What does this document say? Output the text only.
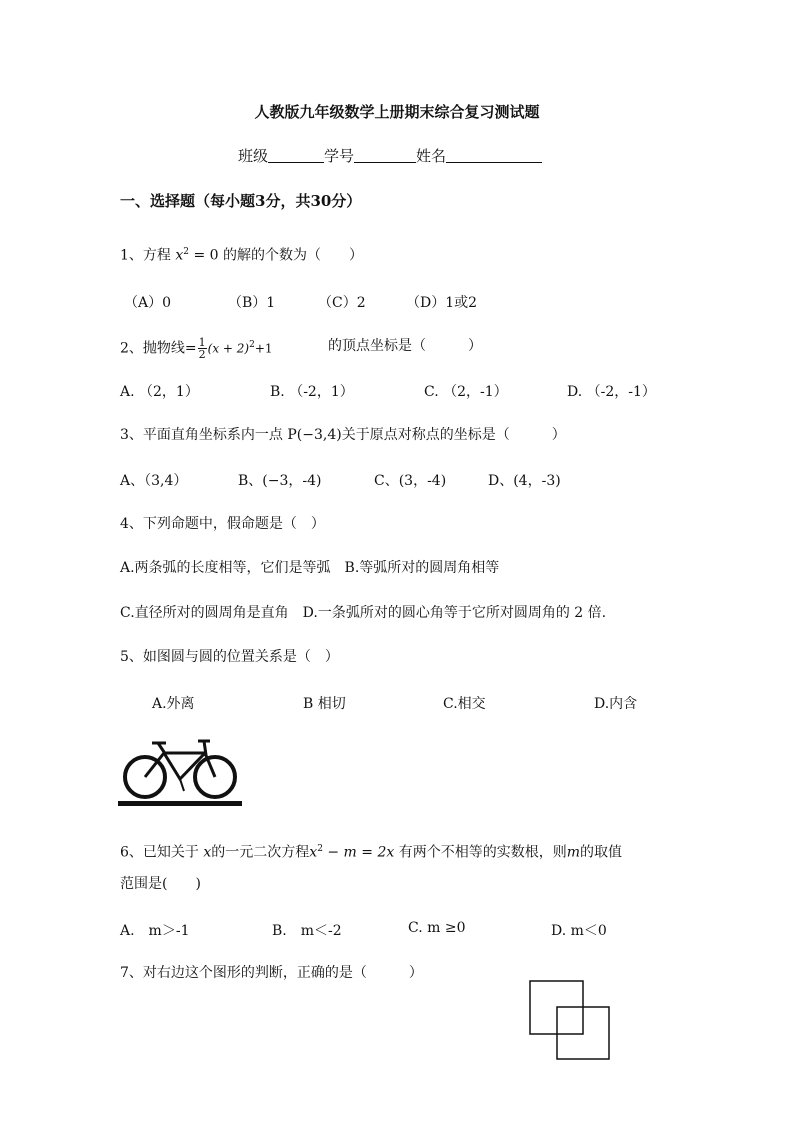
人教版九年级数学上册期末综合复习测试题
班级	学号	姓名
一、选择题（每小题3分，共30分）
1、方程 $x^2 = 0$ 的解的个数为（　　）
（A）0	（B）1	（C）2	（D）1或2
2、抛物线= $\frac{1}{2} (x + 2)^2+1$	的顶点坐标是（　　　）
A. （2，1）	B. （-2，1）	C. （2，-1）	D. （-2，-1）
3、平面直角坐标系内一点 P(−3,4)关于原点对称点的坐标是（　　　）
A、（3,4）	B、(−3，-4)	C、(3，-4)	D、(4，-3)
4、下列命题中，假命题是（　）
A.两条弧的长度相等，它们是等弧　B.等弧所对的圆周角相等
C.直径所对的圆周角是直角　D.一条弧所对的圆心角等于它所对圆周角的 2 倍.
5、如图圆与圆的位置关系是（　）
A.外离	B 相切	C.相交	D.内含
6、已知关于 x的一元二次方程$x^2 - m = 2x$ 有两个不相等的实数根，则m的取值
范围是(　　)
A.　m＞-1	B.　m＜-2	C. m ≥0	D. m＜0
7、对右边这个图形的判断，正确的是（　　　）
